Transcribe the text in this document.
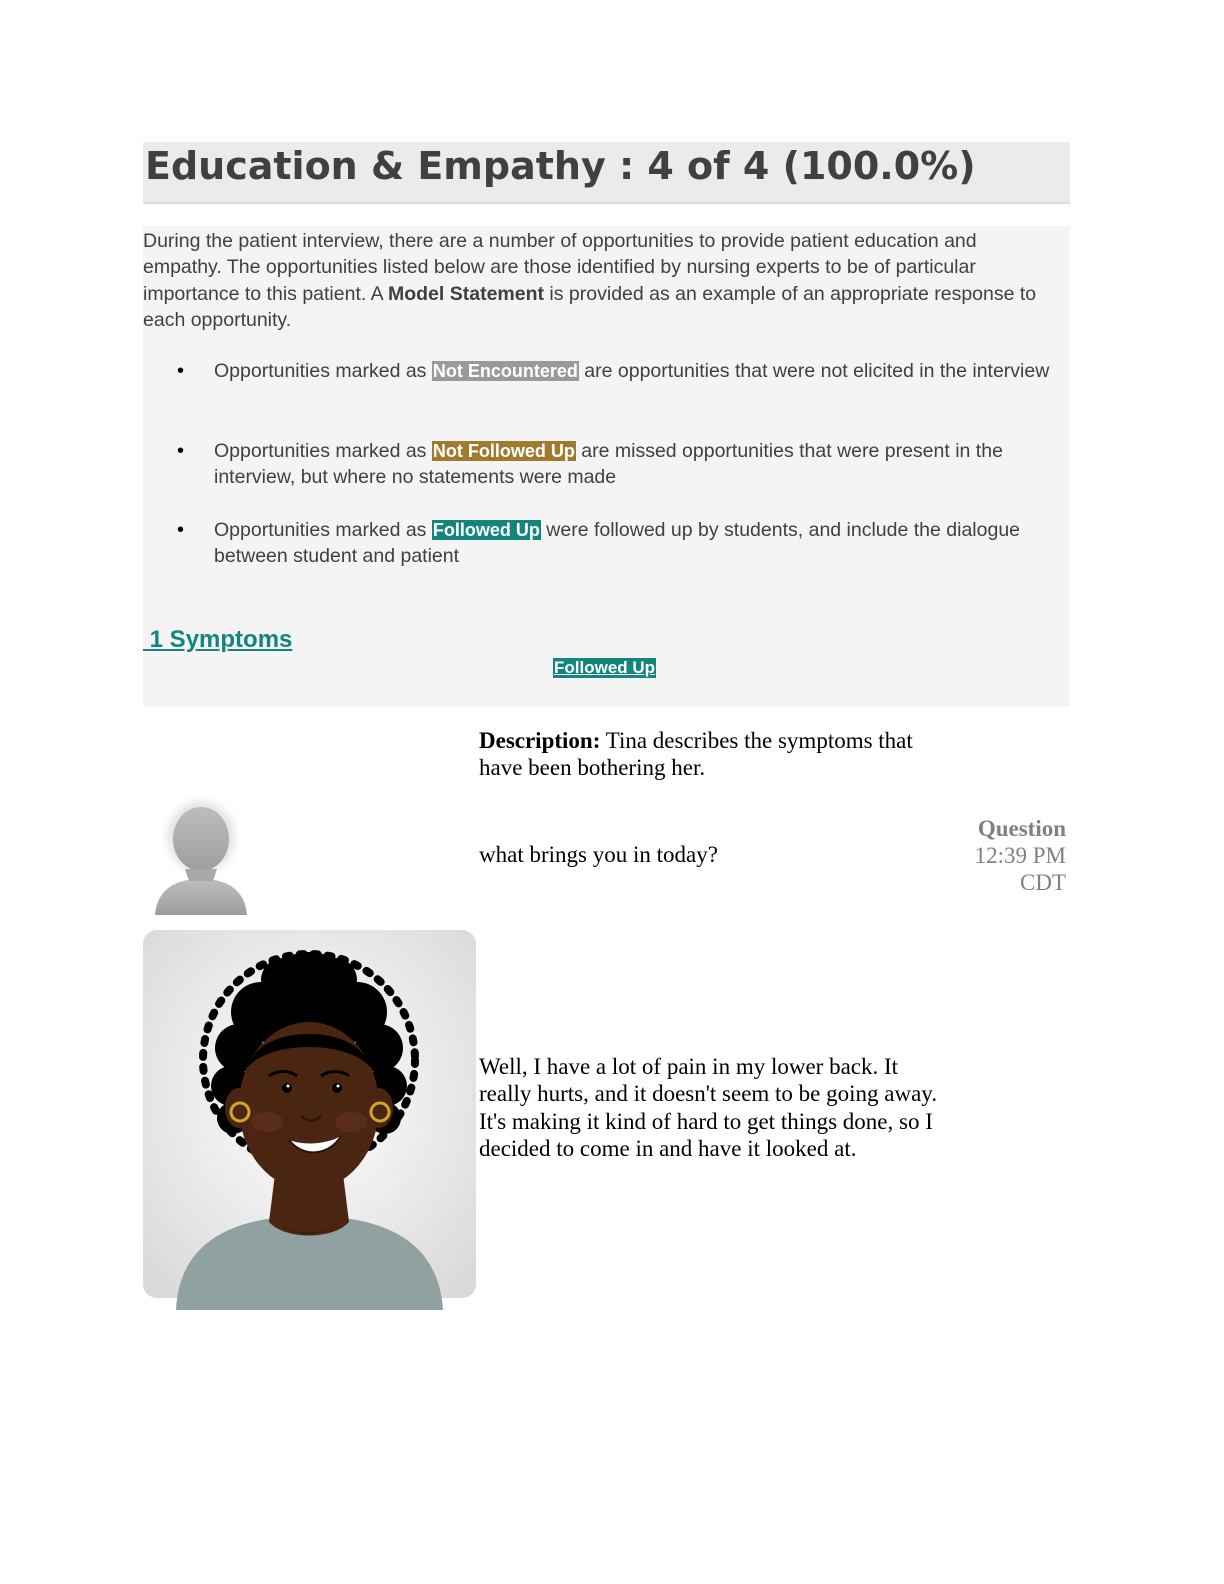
Education & Empathy : 4 of 4 (100.0%)
During the patient interview, there are a number of opportunities to provide patient education and empathy. The opportunities listed below are those identified by nursing experts to be of particular importance to this patient. A Model Statement is provided as an example of an appropriate response to each opportunity.
• Opportunities marked as Not Encountered are opportunities that were not elicited in the interview
• Opportunities marked as Not Followed Up are missed opportunities that were present in the interview, but where no statements were made
• Opportunities marked as Followed Up were followed up by students, and include the dialogue between student and patient
1 Symptoms
Followed Up
Description: Tina describes the symptoms that have been bothering her.
what brings you in today?
Question
12:39 PM
CDT
Well, I have a lot of pain in my lower back. It really hurts, and it doesn't seem to be going away. It's making it kind of hard to get things done, so I decided to come in and have it looked at.
